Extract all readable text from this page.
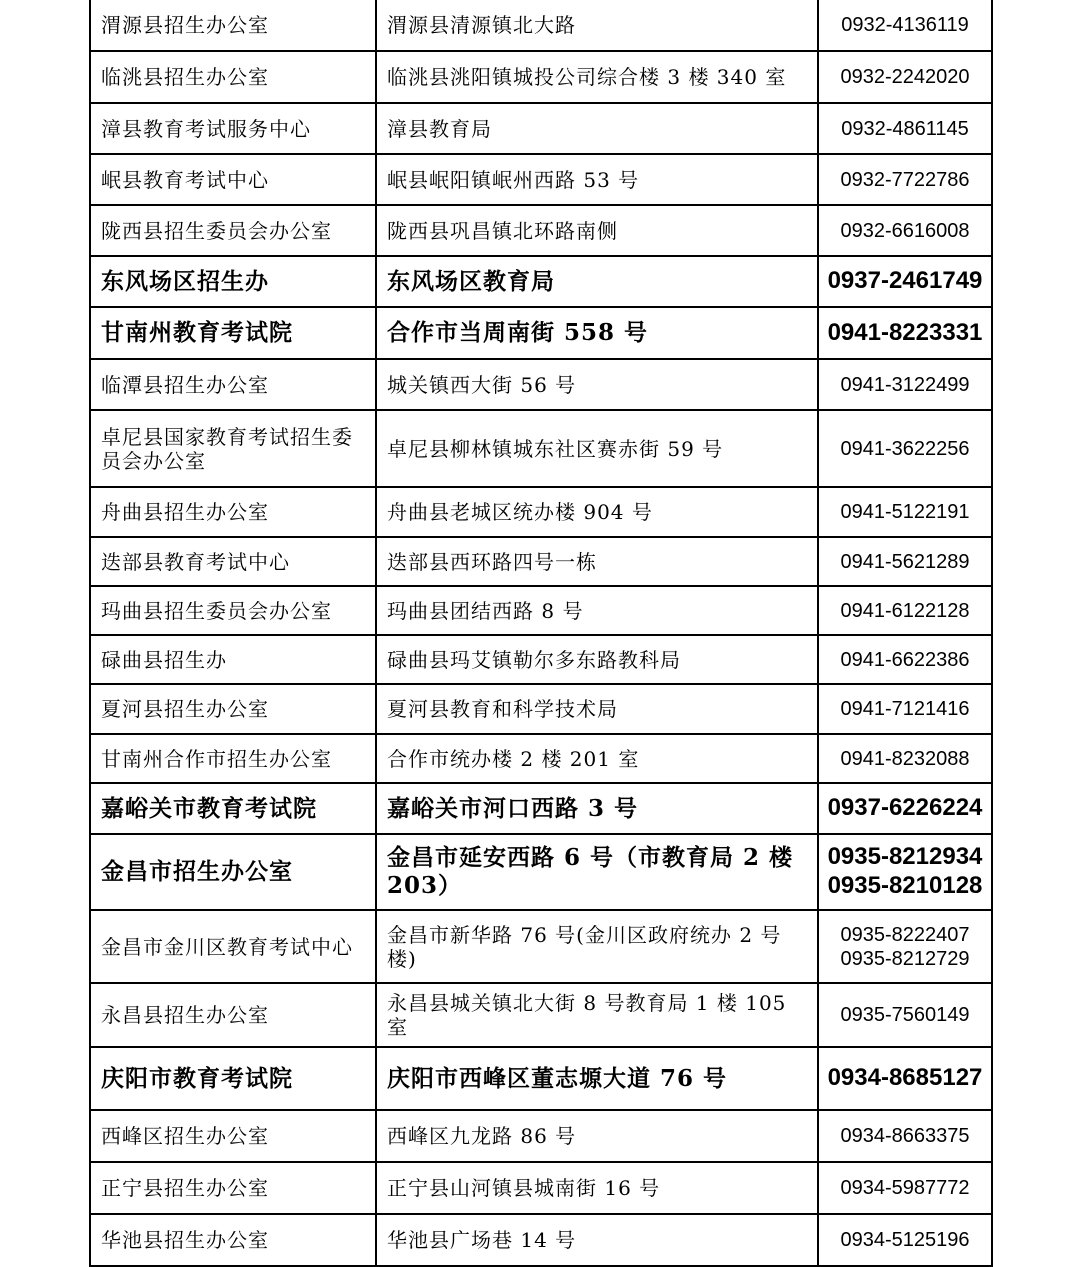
渭源县招生办公室	渭源县清源镇北大路	0932-4136119

临洮县招生办公室	临洮县洮阳镇城投公司综合楼 3 楼 340 室	0932-2242020

漳县教育考试服务中心	漳县教育局	0932-4861145

岷县教育考试中心	岷县岷阳镇岷州西路 53 号	0932-7722786

陇西县招生委员会办公室	陇西县巩昌镇北环路南侧	0932-6616008

东风场区招生办	东风场区教育局	0937-2461749

甘南州教育考试院	合作市当周南街 558 号	0941-8223331

临潭县招生办公室	城关镇西大街 56 号	0941-3122499

卓尼县国家教育考试招生委员会办公室	卓尼县柳林镇城东社区赛赤街 59 号	0941-3622256

舟曲县招生办公室	舟曲县老城区统办楼 904 号	0941-5122191

迭部县教育考试中心	迭部县西环路四号一栋	0941-5621289

玛曲县招生委员会办公室	玛曲县团结西路 8 号	0941-6122128

碌曲县招生办	碌曲县玛艾镇勒尔多东路教科局	0941-6622386

夏河县招生办公室	夏河县教育和科学技术局	0941-7121416

甘南州合作市招生办公室	合作市统办楼 2 楼 201 室	0941-8232088

嘉峪关市教育考试院	嘉峪关市河口西路 3 号	0937-6226224

金昌市招生办公室	金昌市延安西路 6 号（市教育局 2 楼 203）	0935-8212934
0935-8210128

金昌市金川区教育考试中心	金昌市新华路 76 号(金川区政府统办 2 号楼)	0935-8222407
0935-8212729

永昌县招生办公室	永昌县城关镇北大街 8 号教育局 1 楼 105 室	0935-7560149

庆阳市教育考试院	庆阳市西峰区董志塬大道 76 号	0934-8685127

西峰区招生办公室	西峰区九龙路 86 号	0934-8663375

正宁县招生办公室	正宁县山河镇县城南街 16 号	0934-5987772

华池县招生办公室	华池县广场巷 14 号	0934-5125196
